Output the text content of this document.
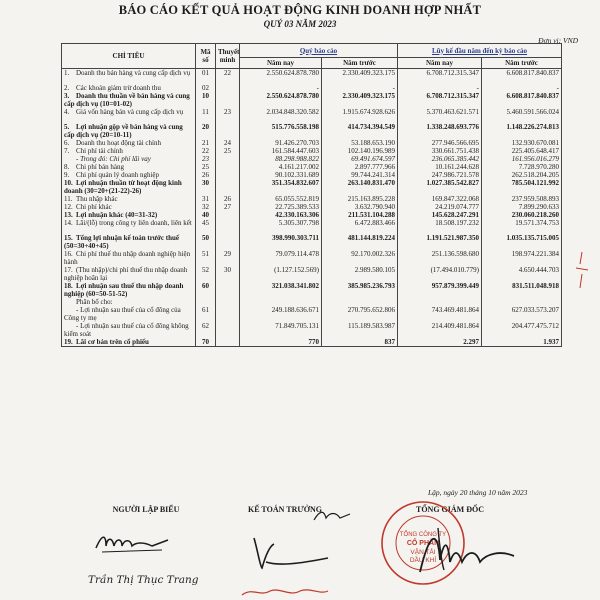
BÁO CÁO KẾT QUẢ HOẠT ĐỘNG KINH DOANH HỢP NHẤT
QUÝ 03 NĂM 2023
Đơn vị: VND
CHỈ TIÊU	Mã số	Thuyết minh	Quý báo cáo		Lũy kế đầu năm đến kỳ báo cáo	
			Năm nay	Năm trước	Năm nay	Năm trước
1. Doanh thu bán hàng và cung cấp dịch vụ	01	22	2.550.624.878.780	2.330.409.323.175	6.708.712.315.347	6.608.817.840.837
2. Các khoản giảm trừ doanh thu	02		-	-	-	-
3. Doanh thu thuần về bán hàng và cung cấp dịch vụ (10=01-02)	10		2.550.624.878.780	2.330.409.323.175	6.708.712.315.347	6.608.817.840.837
4. Giá vốn hàng bán và cung cấp dịch vụ	11	23	2.034.848.320.582	1.915.674.928.626	5.370.463.621.571	5.460.591.566.024
5. Lợi nhuận gộp về bán hàng và cung cấp dịch vụ (20=10-11)	20		515.776.558.198	414.734.394.549	1.338.248.693.776	1.148.226.274.813
6. Doanh thu hoạt động tài chính	21	24	91.426.270.703	53.188.653.190	277.946.566.695	132.930.670.081
7. Chi phí tài chính	22	25	161.584.447.603	102.140.196.989	330.661.751.438	225.405.648.417
- Trong đó: Chi phí lãi vay	23		88.298.988.822	69.491.674.597	236.065.385.442	161.956.016.279
8. Chi phí bán hàng	25		4.161.217.002	2.897.777.966	10.161.244.628	7.728.970.280
9. Chi phí quản lý doanh nghiệp	26		90.102.331.689	99.744.241.314	247.986.721.578	262.518.204.205
10. Lợi nhuận thuần từ hoạt động kinh doanh (30=20+(21-22)-26)	30		351.354.832.607	263.140.831.470	1.027.385.542.827	785.504.121.992
11. Thu nhập khác	31	26	65.055.552.819	215.163.895.228	169.847.322.068	237.959.508.893
12. Chi phí khác	32	27	22.725.389.533	3.632.790.940	24.219.074.777	7.899.290.633
13. Lợi nhuận khác (40=31-32)	40		42.330.163.306	211.531.104.288	145.628.247.291	230.060.218.260
14. Lãi/(lỗ) trong công ty liên doanh, liên kết	45		5.305.307.798	6.472.883.466	18.508.197.232	19.571.374.753
15. Tổng lợi nhuận kế toán trước thuế (50=30+40+45)	50		398.990.303.711	481.144.819.224	1.191.521.987.350	1.035.135.715.005
16. Chi phí thuế thu nhập doanh nghiệp hiện hành	51	29	79.079.114.478	92.170.002.326	251.136.598.680	198.974.221.384
17. (Thu nhập)/chi phí thuế thu nhập doanh nghiệp hoãn lại	52	30	(1.127.152.569)	2.989.580.105	(17.494.010.779)	4.650.444.703
18. Lợi nhuận sau thuế thu nhập doanh nghiệp (60=50-51-52)	60		321.038.341.802	385.985.236.793	957.879.399.449	831.511.048.918
Phân bổ cho:						
- Lợi nhuận sau thuế của cổ đông của Công ty mẹ	61		249.188.636.671	270.795.652.806	743.469.481.864	627.033.573.207
- Lợi nhuận sau thuế của cổ đông không kiểm soát	62		71.849.705.131	115.189.583.987	214.409.481.864	204.477.475.712
19. Lãi cơ bản trên cổ phiếu	70		770	837	2.297	1.937
Lập, ngày 20 tháng 10 năm 2023
NGƯỜI LẬP BIỂU	KẾ TOÁN TRƯỞNG	TỔNG GIÁM ĐỐC
Trần Thị Thục Trang
TỔNG CÔNG TY
CỔ PHẦN
VẬN TẢI
DẦU KHÍ
